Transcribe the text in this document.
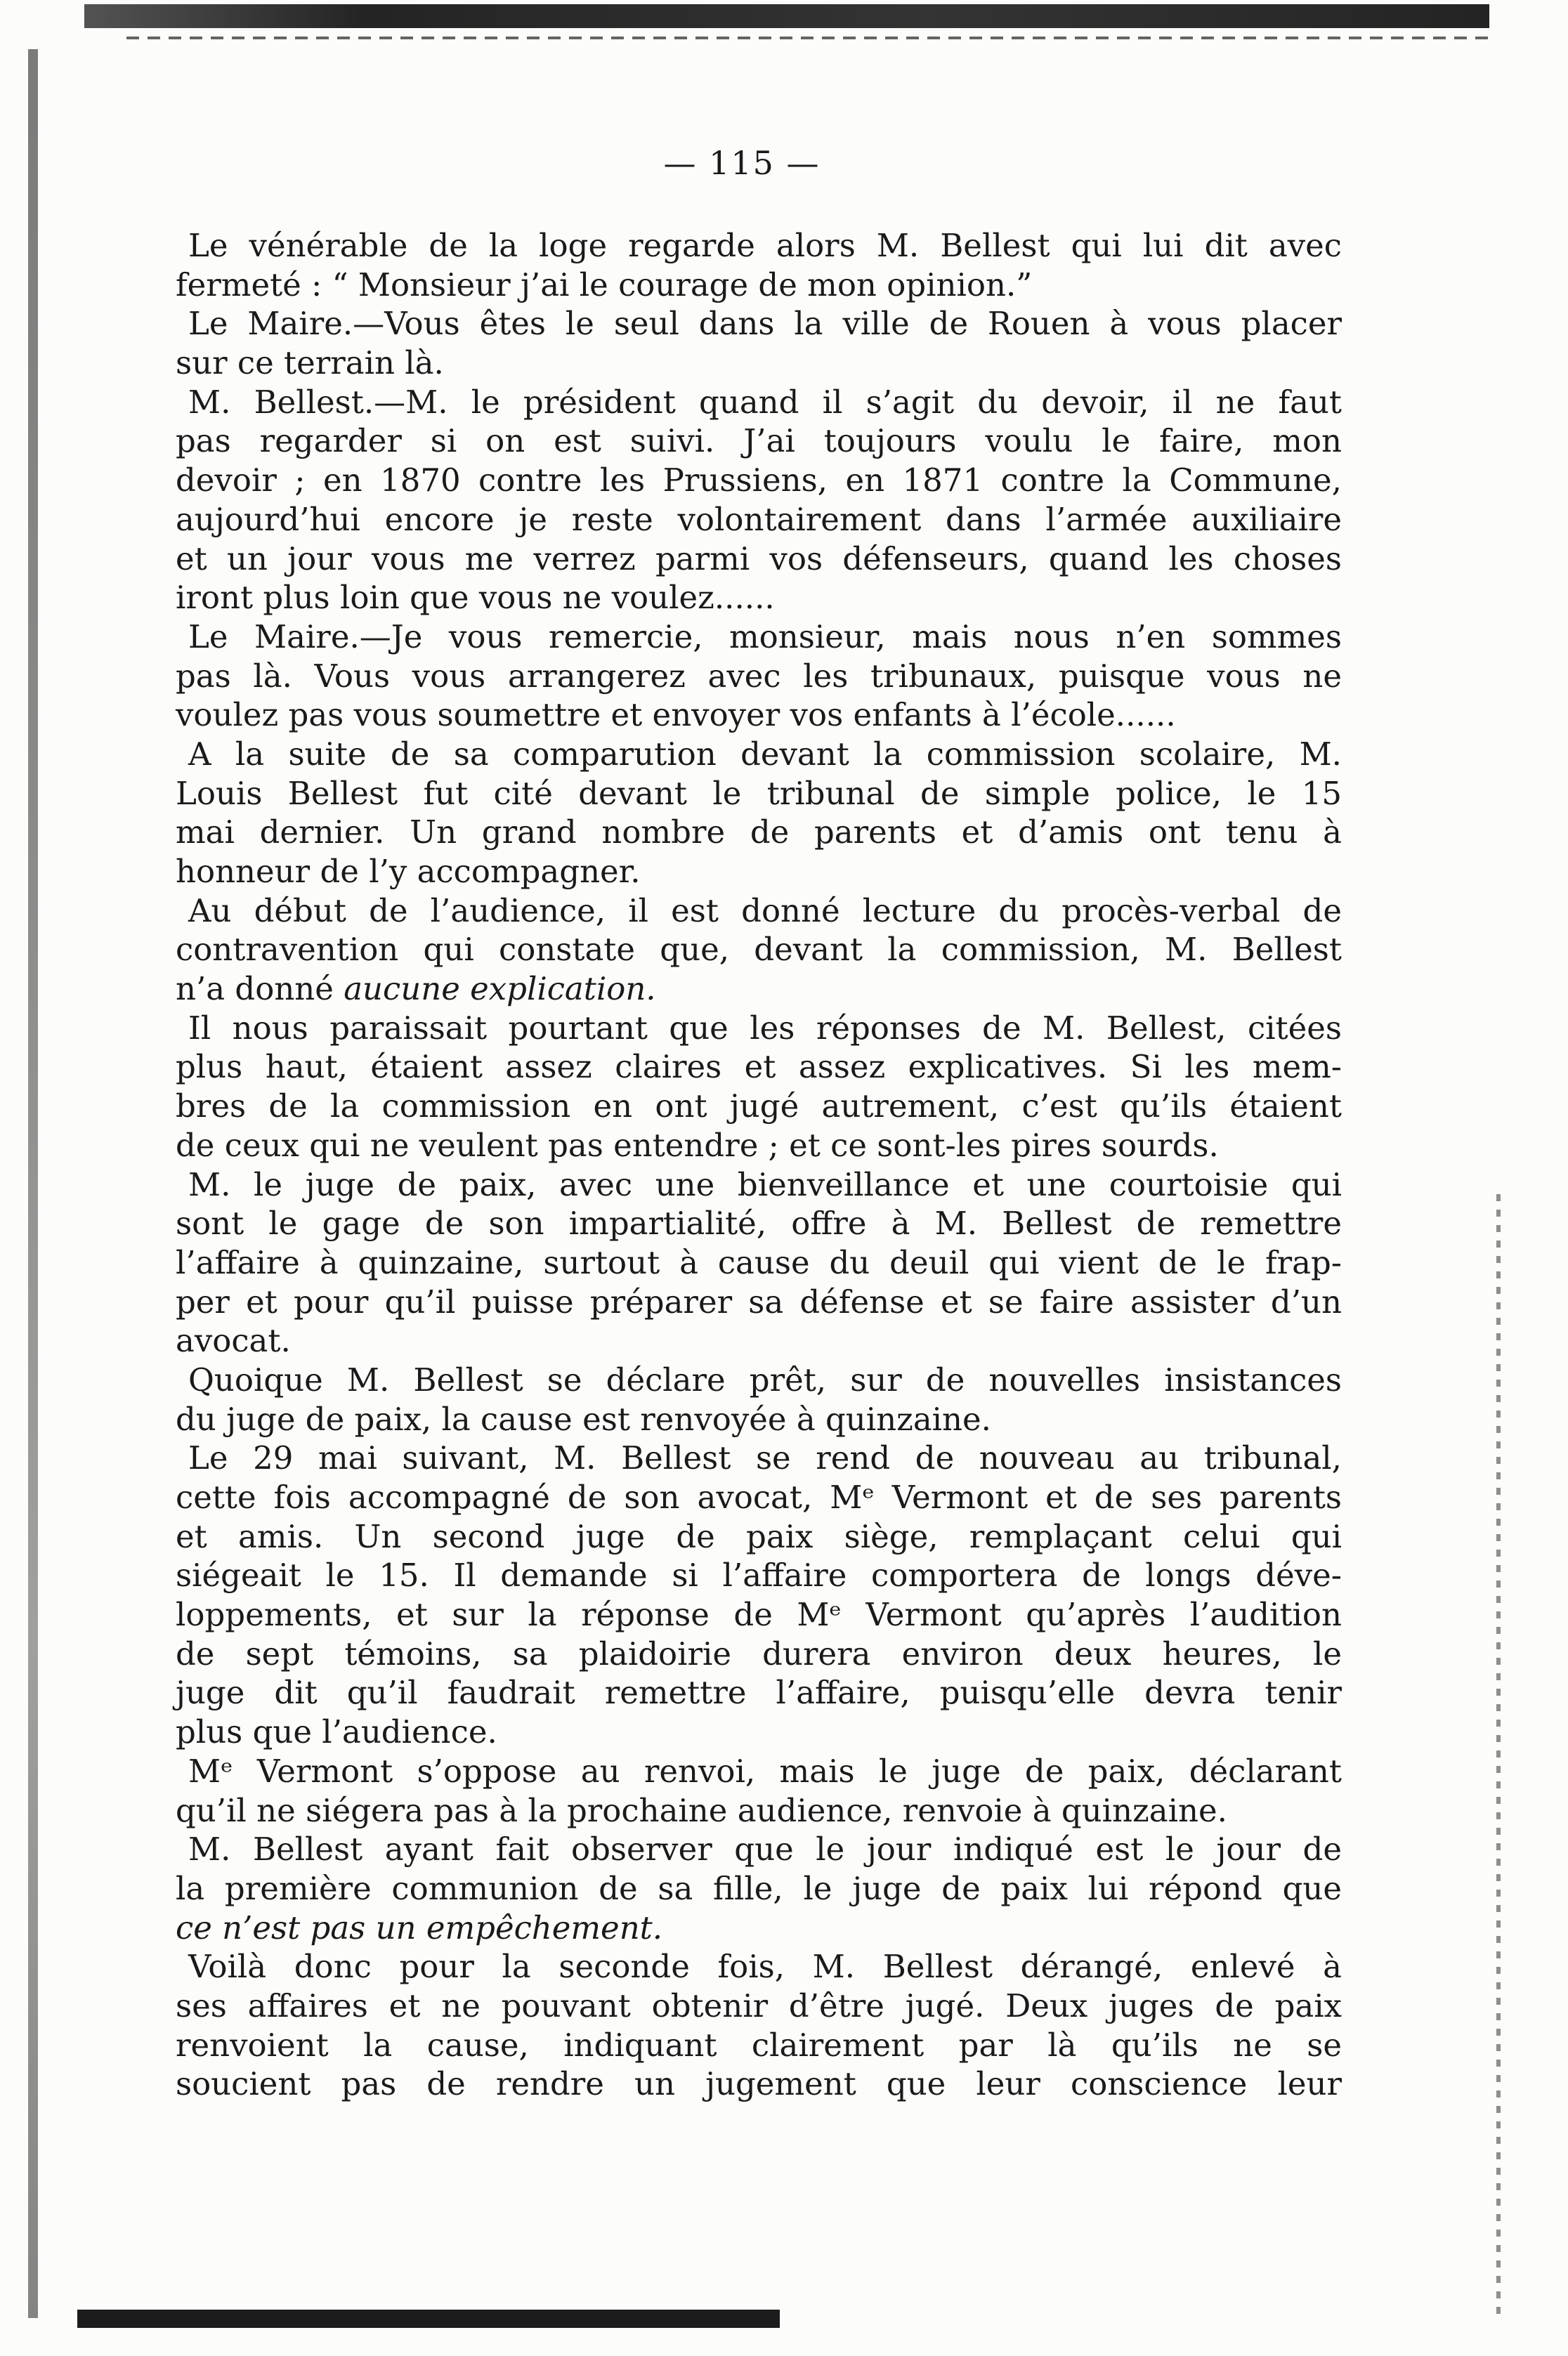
— 115 —
Le vénérable de la loge regarde alors M. Bellest qui lui dit avec
fermeté : “ Monsieur j’ai le courage de mon opinion.”
Le Maire.—Vous êtes le seul dans la ville de Rouen à vous placer
sur ce terrain là.
M. Bellest.—M. le président quand il s’agit du devoir, il ne faut
pas regarder si on est suivi. J’ai toujours voulu le faire, mon
devoir ; en 1870 contre les Prussiens, en 1871 contre la Commune,
aujourd’hui encore je reste volontairement dans l’armée auxiliaire
et un jour vous me verrez parmi vos défenseurs, quand les choses
iront plus loin que vous ne voulez......
Le Maire.—Je vous remercie, monsieur, mais nous n’en sommes
pas là. Vous vous arrangerez avec les tribunaux, puisque vous ne
voulez pas vous soumettre et envoyer vos enfants à l’école......
A la suite de sa comparution devant la commission scolaire, M.
Louis Bellest fut cité devant le tribunal de simple police, le 15
mai dernier. Un grand nombre de parents et d’amis ont tenu à
honneur de l’y accompagner.
Au début de l’audience, il est donné lecture du procès-verbal de
contravention qui constate que, devant la commission, M. Bellest
n’a donné aucune explication.
Il nous paraissait pourtant que les réponses de M. Bellest, citées
plus haut, étaient assez claires et assez explicatives. Si les mem-
bres de la commission en ont jugé autrement, c’est qu’ils étaient
de ceux qui ne veulent pas entendre ; et ce sont-les pires sourds.
M. le juge de paix, avec une bienveillance et une courtoisie qui
sont le gage de son impartialité, offre à M. Bellest de remettre
l’affaire à quinzaine, surtout à cause du deuil qui vient de le frap-
per et pour qu’il puisse préparer sa défense et se faire assister d’un
avocat.
Quoique M. Bellest se déclare prêt, sur de nouvelles insistances
du juge de paix, la cause est renvoyée à quinzaine.
Le 29 mai suivant, M. Bellest se rend de nouveau au tribunal,
cette fois accompagné de son avocat, Mᵉ Vermont et de ses parents
et amis. Un second juge de paix siège, remplaçant celui qui
siégeait le 15. Il demande si l’affaire comportera de longs déve-
loppements, et sur la réponse de Mᵉ Vermont qu’après l’audition
de sept témoins, sa plaidoirie durera environ deux heures, le
juge dit qu’il faudrait remettre l’affaire, puisqu’elle devra tenir
plus que l’audience.
Mᵉ Vermont s’oppose au renvoi, mais le juge de paix, déclarant
qu’il ne siégera pas à la prochaine audience, renvoie à quinzaine.
M. Bellest ayant fait observer que le jour indiqué est le jour de
la première communion de sa fille, le juge de paix lui répond que
ce n’est pas un empêchement.
Voilà donc pour la seconde fois, M. Bellest dérangé, enlevé à
ses affaires et ne pouvant obtenir d’être jugé. Deux juges de paix
renvoient la cause, indiquant clairement par là qu’ils ne se
soucient pas de rendre un jugement que leur conscience leur
